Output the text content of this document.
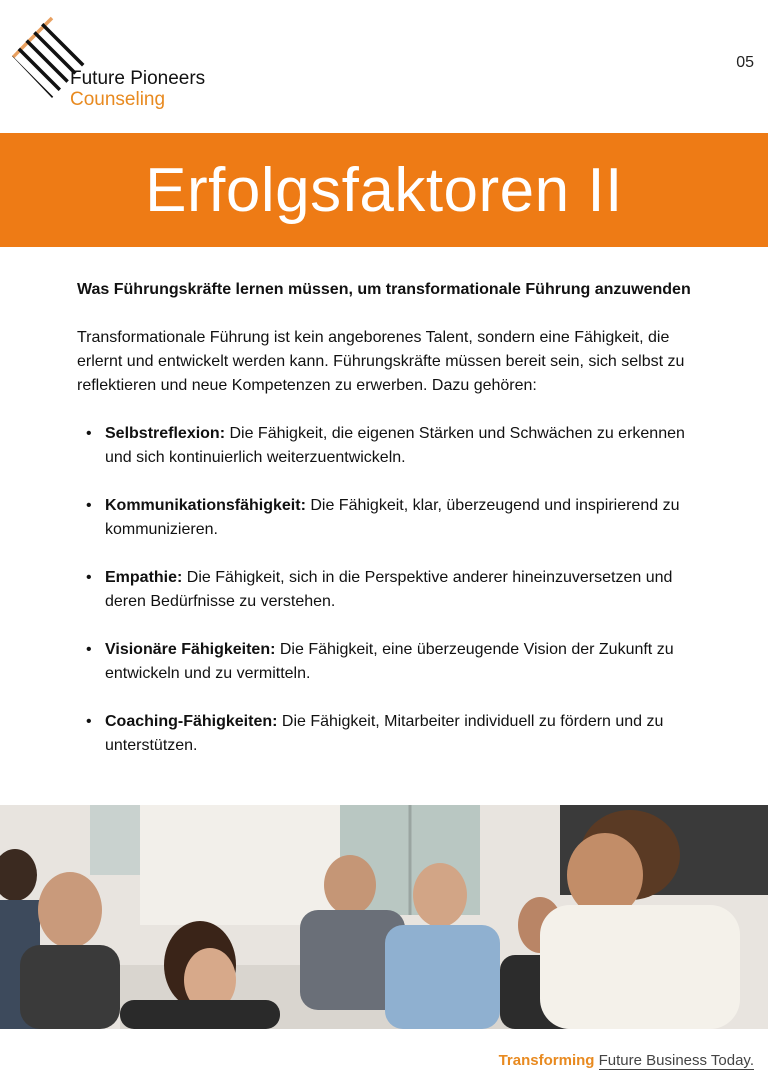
Future Pioneers
Counseling
05
Erfolgsfaktoren II

Was Führungskräfte lernen müssen, um transformationale Führung anzuwenden

Transformationale Führung ist kein angeborenes Talent, sondern eine Fähigkeit, die erlernt und entwickelt werden kann. Führungskräfte müssen bereit sein, sich selbst zu reflektieren und neue Kompetenzen zu erwerben. Dazu gehören:

• Selbstreflexion: Die Fähigkeit, die eigenen Stärken und Schwächen zu erkennen und sich kontinuierlich weiterzuentwickeln.
• Kommunikationsfähigkeit: Die Fähigkeit, klar, überzeugend und inspirierend zu kommunizieren.
• Empathie: Die Fähigkeit, sich in die Perspektive anderer hineinzuversetzen und deren Bedürfnisse zu verstehen.
• Visionäre Fähigkeiten: Die Fähigkeit, eine überzeugende Vision der Zukunft zu entwickeln und zu vermitteln.
• Coaching-Fähigkeiten: Die Fähigkeit, Mitarbeiter individuell zu fördern und zu unterstützen.
Transforming Future Business Today.
